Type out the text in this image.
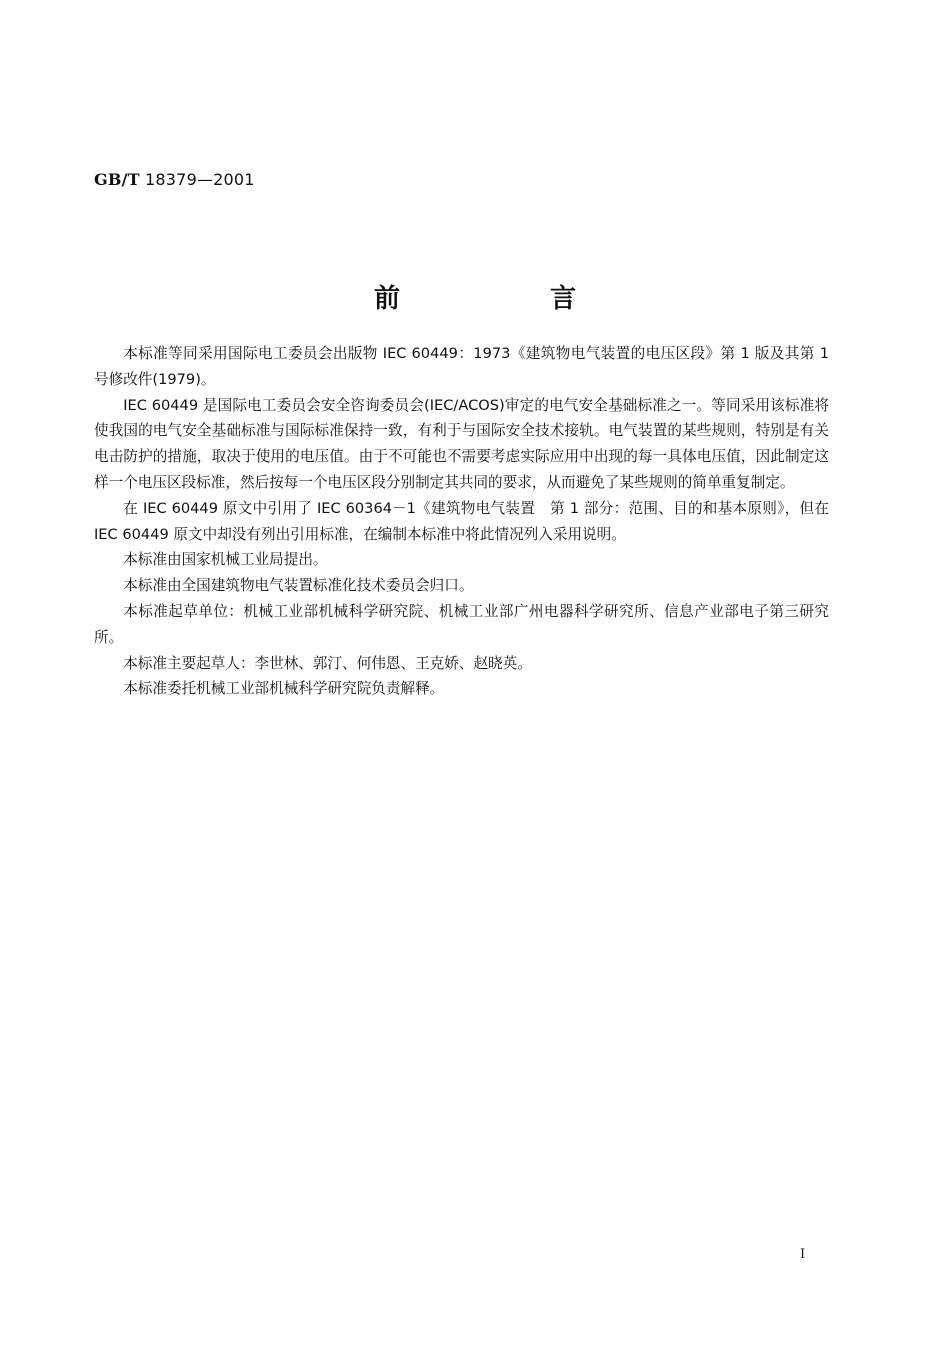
GB/T 18379—2001
前　言

本标准等同采用国际电工委员会出版物 IEC 60449：1973《建筑物电气装置的电压区段》第 1 版及其第 1 号修改件(1979)。

IEC 60449 是国际电工委员会安全咨询委员会(IEC/ACOS)审定的电气安全基础标准之一。等同采用该标准将使我国的电气安全基础标准与国际标准保持一致，有利于与国际安全技术接轨。电气装置的某些规则，特别是有关电击防护的措施，取决于使用的电压值。由于不可能也不需要考虑实际应用中出现的每一具体电压值，因此制定这样一个电压区段标准，然后按每一个电压区段分别制定其共同的要求，从而避免了某些规则的简单重复制定。

在 IEC 60449 原文中引用了 IEC 60364－1《建筑物电气装置　第 1 部分：范围、目的和基本原则》，但在 IEC 60449 原文中却没有列出引用标准，在编制本标准中将此情况列入采用说明。

本标准由国家机械工业局提出。

本标准由全国建筑物电气装置标准化技术委员会归口。

本标准起草单位：机械工业部机械科学研究院、机械工业部广州电器科学研究所、信息产业部电子第三研究所。

本标准主要起草人：李世林、郭汀、何伟恩、王克娇、赵晓英。

本标准委托机械工业部机械科学研究院负责解释。

I
